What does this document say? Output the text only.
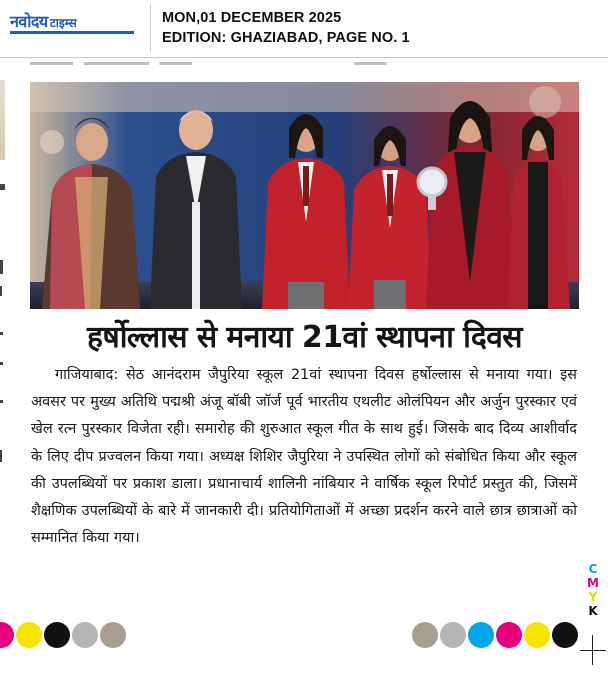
नवोदय टाइम्स	MON,01 DECEMBER 2025
EDITION: GHAZIABAD, PAGE NO. 1
हर्षोल्लास से मनाया 21वां स्थापना दिवस

गाजियाबाद: सेठ आनंदराम जैपुरिया स्कूल 21वां स्थापना दिवस हर्षोल्लास से मनाया गया। इस अवसर पर मुख्य अतिथि पद्मश्री अंजू बॉबी जॉर्ज पूर्व भारतीय एथलीट ओलंपियन और अर्जुन पुरस्कार एवं खेल रत्न पुरस्कार विजेता रही। समारोह की शुरुआत स्कूल गीत के साथ हुई। जिसके बाद दिव्य आशीर्वाद के लिए दीप प्रज्वलन किया गया। अध्यक्ष शिशिर जैपुरिया ने उपस्थित लोगों को संबोधित किया और स्कूल की उपलब्धियों पर प्रकाश डाला। प्रधानाचार्य शालिनी नांबियार ने वार्षिक स्कूल रिपोर्ट प्रस्तुत की, जिसमें शैक्षणिक उपलब्धियों के बारे में जानकारी दी। प्रतियोगिताओं में अच्छा प्रदर्शन करने वाले छात्र छात्राओं को सम्मानित किया गया।

C
M
Y
K
